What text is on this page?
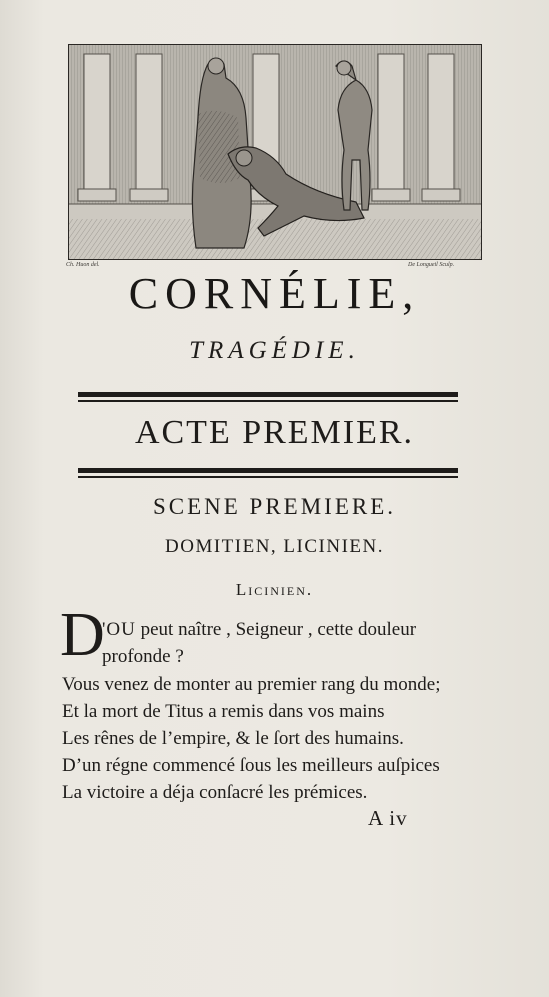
Ch. Huon del.	De Longueil Sculp.
CORNÉLIE,
TRAGÉDIE.
ACTE PREMIER.
SCENE PREMIERE.
DOMITIEN, LICINIEN.
Licinien.
D
'OU peut naître , Seigneur , cette douleur
profonde ?
Vous venez de monter au premier rang du monde;
Et la mort de Titus a remis dans vos mains
Les rênes de l’empire, & le ſort des humains.
D’un régne commencé ſous les meilleurs auſpices
La victoire a déja conſacré les prémices.
A iv
